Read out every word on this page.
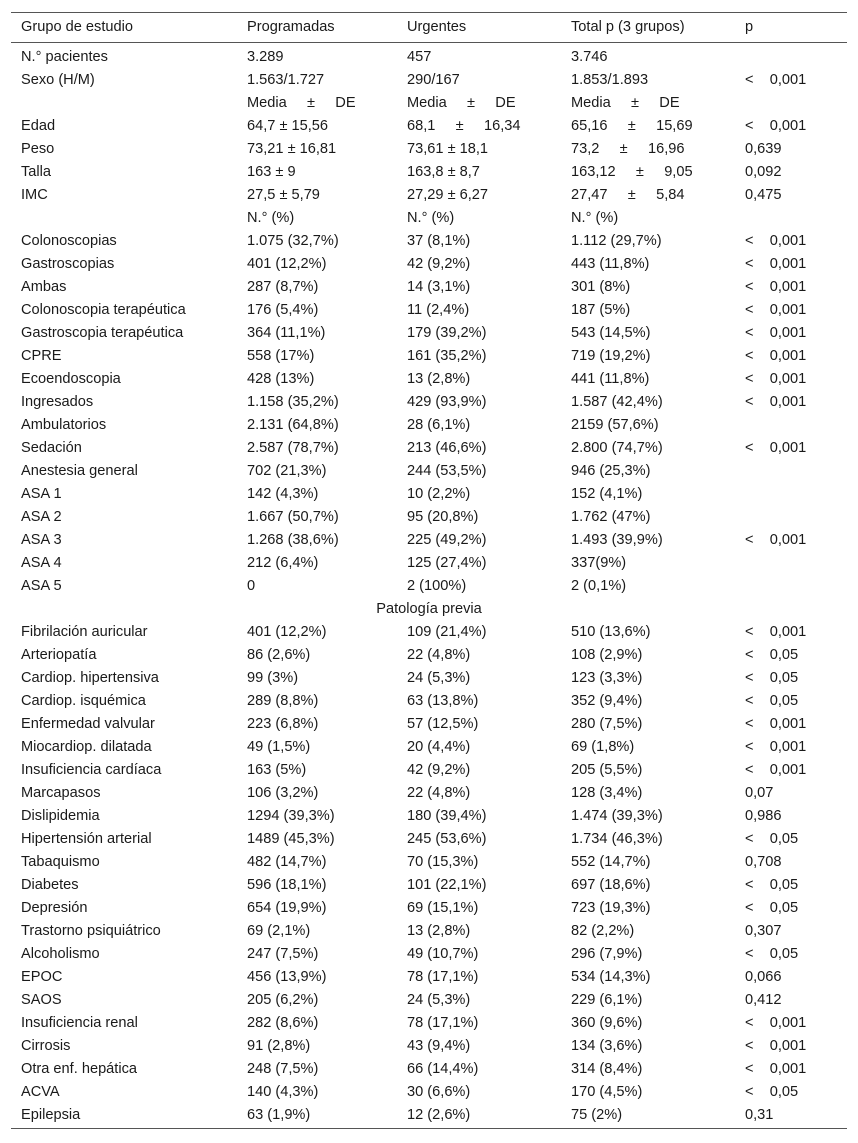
Grupo de estudio	Programadas	Urgentes	Total p (3 grupos)	p
N.° pacientes	3.289	457	3.746	
Sexo (H/M)	1.563/1.727	290/167	1.853/1.893	<    0,001
	Media     ±     DE	Media     ±     DE	Media     ±     DE	
Edad	64,7 ± 15,56	68,1     ±     16,34	65,16     ±     15,69	<    0,001
Peso	73,21 ± 16,81	73,61 ± 18,1	73,2     ±     16,96	0,639
Talla	163 ± 9	163,8 ± 8,7	163,12     ±     9,05	0,092
IMC	27,5 ± 5,79	27,29 ± 6,27	27,47     ±     5,84	0,475
	N.° (%)	N.° (%)	N.° (%)	
Colonoscopias	1.075 (32,7%)	37 (8,1%)	1.112 (29,7%)	<    0,001
Gastroscopias	401 (12,2%)	42 (9,2%)	443 (11,8%)	<    0,001
Ambas	287 (8,7%)	14 (3,1%)	301 (8%)	<    0,001
Colonoscopia terapéutica	176 (5,4%)	11 (2,4%)	187 (5%)	<    0,001
Gastroscopia terapéutica	364 (11,1%)	179 (39,2%)	543 (14,5%)	<    0,001
CPRE	558 (17%)	161 (35,2%)	719 (19,2%)	<    0,001
Ecoendoscopia	428 (13%)	13 (2,8%)	441 (11,8%)	<    0,001
Ingresados	1.158 (35,2%)	429 (93,9%)	1.587 (42,4%)	<    0,001
Ambulatorios	2.131 (64,8%)	28 (6,1%)	2159 (57,6%)	
Sedación	2.587 (78,7%)	213 (46,6%)	2.800 (74,7%)	<    0,001
Anestesia general	702 (21,3%)	244 (53,5%)	946 (25,3%)	
ASA 1	142 (4,3%)	10 (2,2%)	152 (4,1%)	
ASA 2	1.667 (50,7%)	95 (20,8%)	1.762 (47%)	
ASA 3	1.268 (38,6%)	225 (49,2%)	1.493 (39,9%)	<    0,001
ASA 4	212 (6,4%)	125 (27,4%)	337(9%)	
ASA 5	0	2 (100%)	2 (0,1%)	
Patología previa				
Fibrilación auricular	401 (12,2%)	109 (21,4%)	510 (13,6%)	<    0,001
Arteriopatía	86 (2,6%)	22 (4,8%)	108 (2,9%)	<    0,05
Cardiop. hipertensiva	99 (3%)	24 (5,3%)	123 (3,3%)	<    0,05
Cardiop. isquémica	289 (8,8%)	63 (13,8%)	352 (9,4%)	<    0,05
Enfermedad valvular	223 (6,8%)	57 (12,5%)	280 (7,5%)	<    0,001
Miocardiop. dilatada	49 (1,5%)	20 (4,4%)	69 (1,8%)	<    0,001
Insuficiencia cardíaca	163 (5%)	42 (9,2%)	205 (5,5%)	<    0,001
Marcapasos	106 (3,2%)	22 (4,8%)	128 (3,4%)	0,07
Dislipidemia	1294 (39,3%)	180 (39,4%)	1.474 (39,3%)	0,986
Hipertensión arterial	1489 (45,3%)	245 (53,6%)	1.734 (46,3%)	<    0,05
Tabaquismo	482 (14,7%)	70 (15,3%)	552 (14,7%)	0,708
Diabetes	596 (18,1%)	101 (22,1%)	697 (18,6%)	<    0,05
Depresión	654 (19,9%)	69 (15,1%)	723 (19,3%)	<    0,05
Trastorno psiquiátrico	69 (2,1%)	13 (2,8%)	82 (2,2%)	0,307
Alcoholismo	247 (7,5%)	49 (10,7%)	296 (7,9%)	<    0,05
EPOC	456 (13,9%)	78 (17,1%)	534 (14,3%)	0,066
SAOS	205 (6,2%)	24 (5,3%)	229 (6,1%)	0,412
Insuficiencia renal	282 (8,6%)	78 (17,1%)	360 (9,6%)	<    0,001
Cirrosis	91 (2,8%)	43 (9,4%)	134 (3,6%)	<    0,001
Otra enf. hepática	248 (7,5%)	66 (14,4%)	314 (8,4%)	<    0,001
ACVA	140 (4,3%)	30 (6,6%)	170 (4,5%)	<    0,05
Epilepsia	63 (1,9%)	12 (2,6%)	75 (2%)	0,31
